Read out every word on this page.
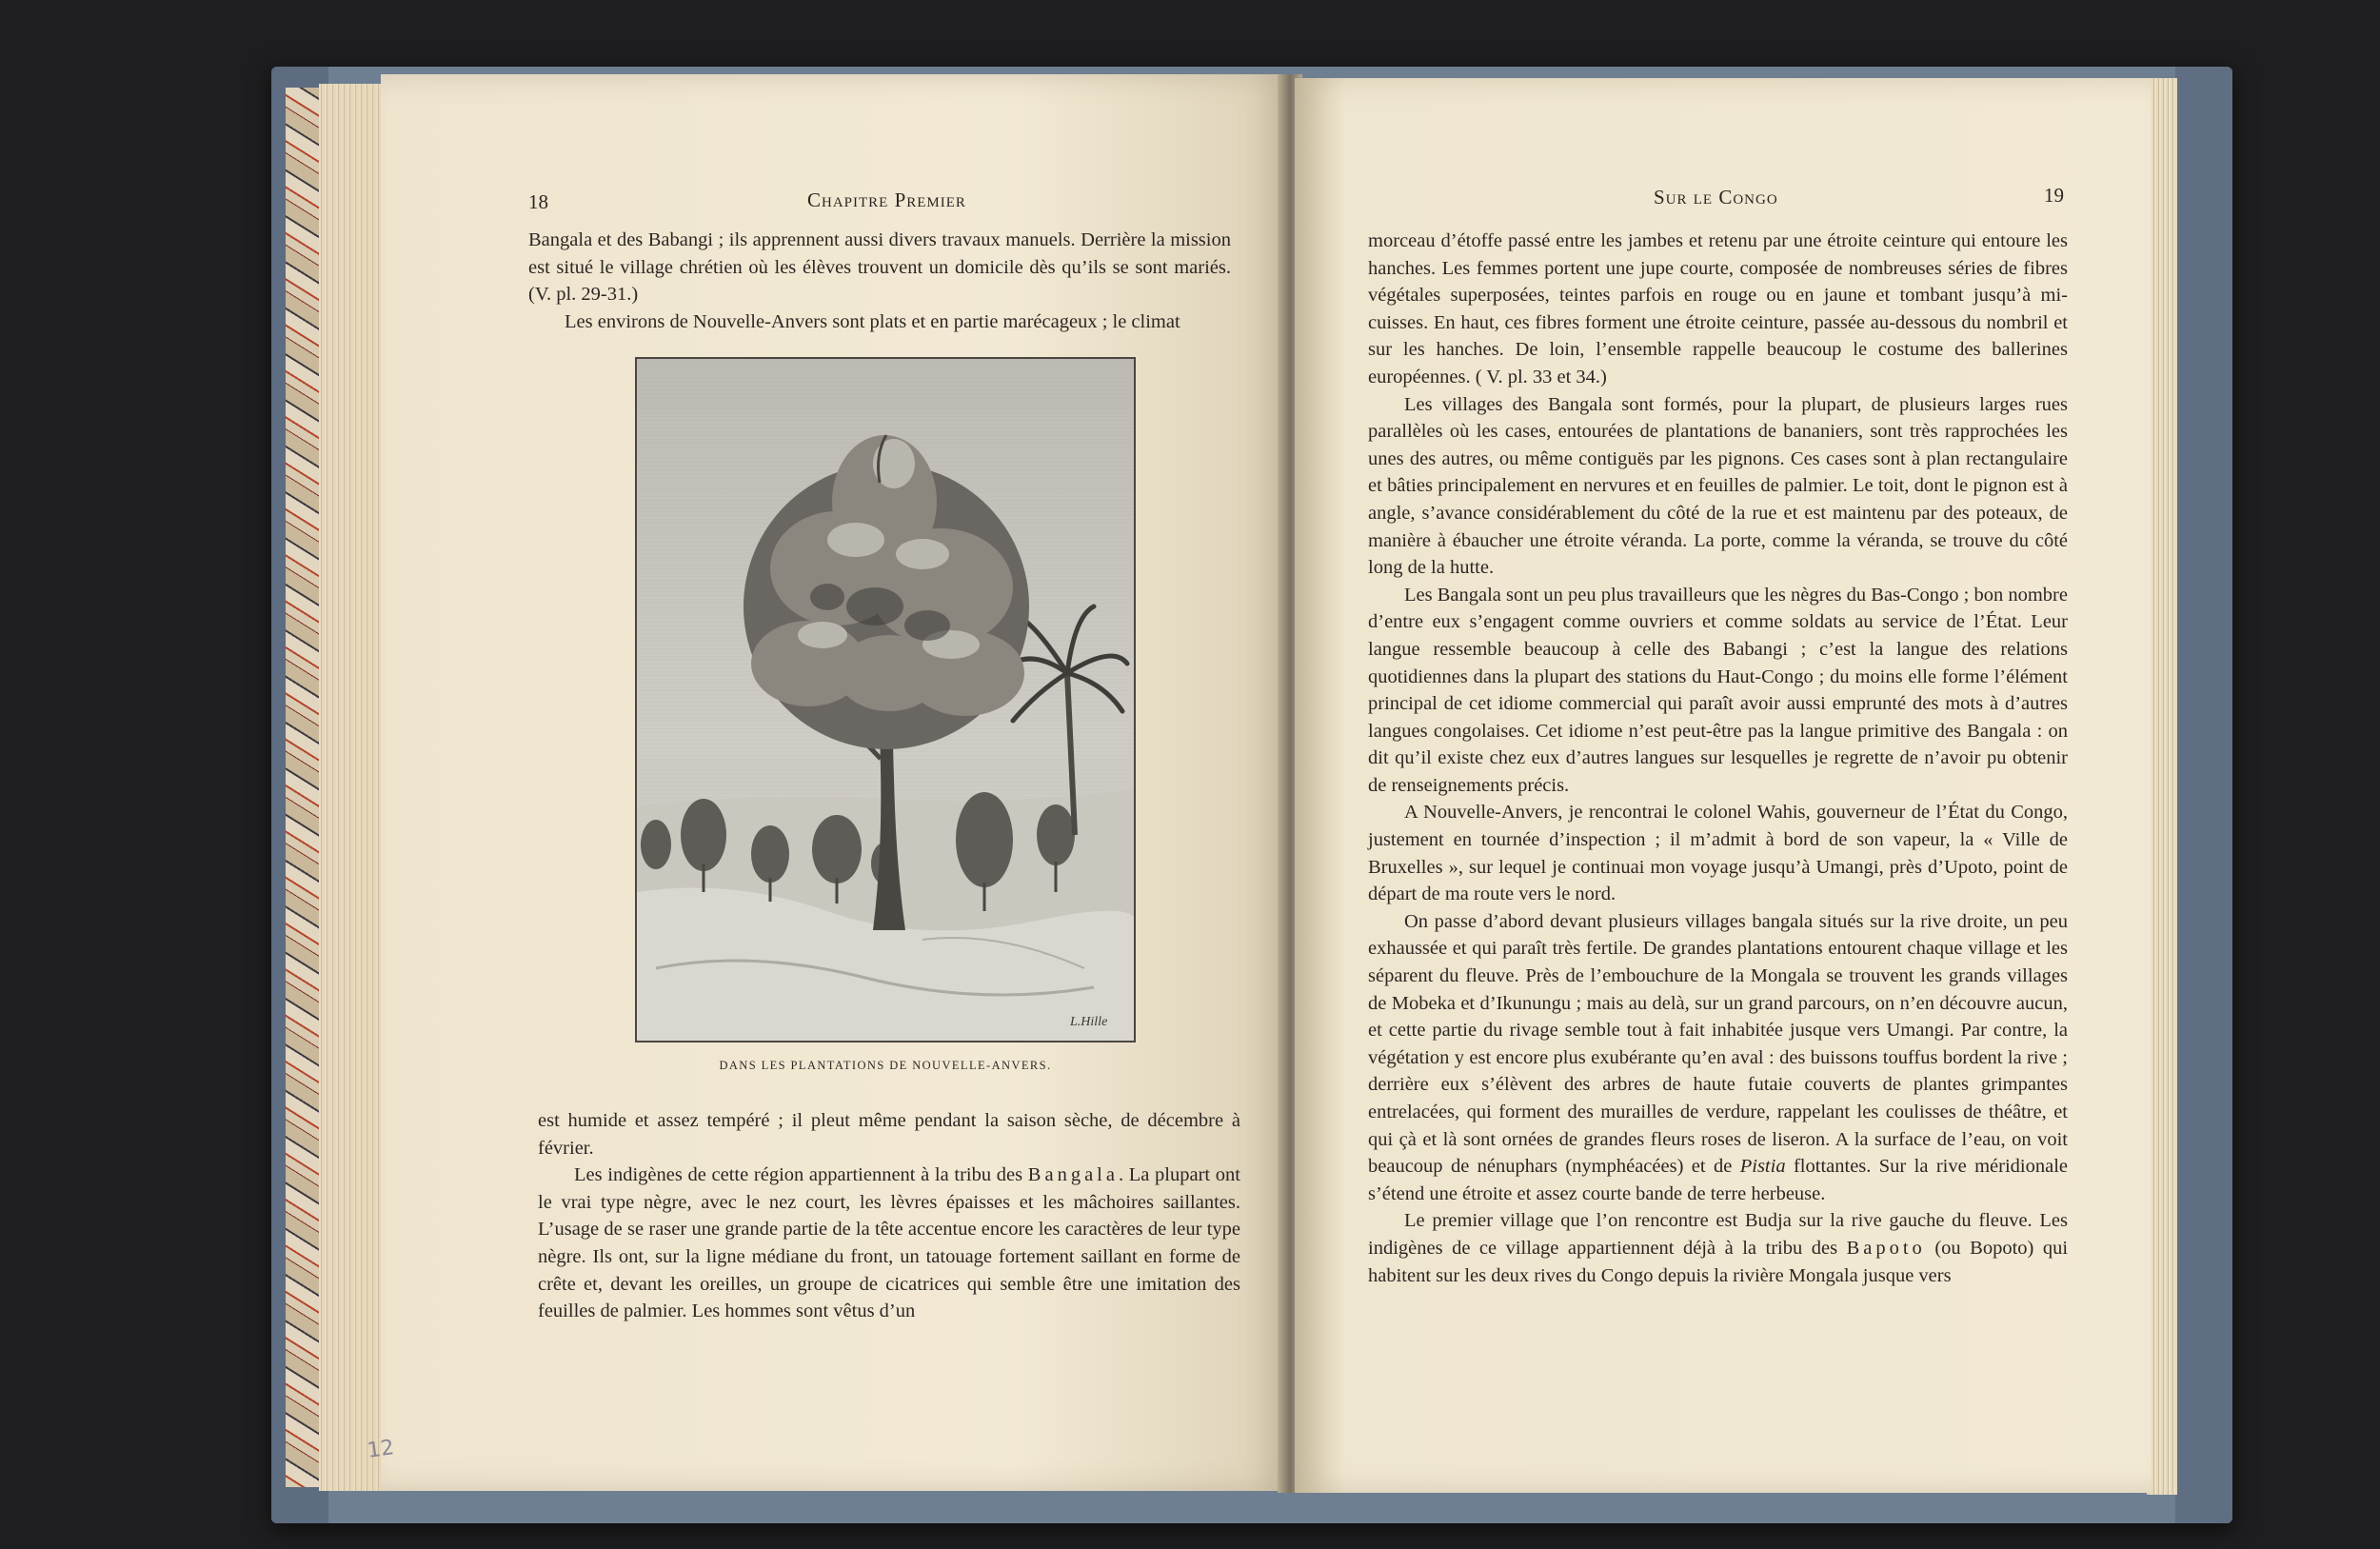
18	Chapitre Premier

Bangala et des Babangi ; ils apprennent aussi divers travaux manuels. Derrière la mission est situé le village chrétien où les élèves trouvent un domicile dès qu’ils se sont mariés. (V. pl. 29-31.)

Les environs de Nouvelle-Anvers sont plats et en partie marécageux ; le climat

L.Hille
DANS LES PLANTATIONS DE NOUVELLE-ANVERS.

est humide et assez tempéré ; il pleut même pendant la saison sèche, de décembre à février.

Les indigènes de cette région appartiennent à la tribu des Bangala. La plupart ont le vrai type nègre, avec le nez court, les lèvres épaisses et les mâchoires saillantes. L’usage de se raser une grande partie de la tête accentue encore les caractères de leur type nègre. Ils ont, sur la ligne médiane du front, un tatouage fortement saillant en forme de crête et, devant les oreilles, un groupe de cicatrices qui semble être une imitation des feuilles de palmier. Les hommes sont vêtus d’un

12
Sur le Congo	19

morceau d’étoffe passé entre les jambes et retenu par une étroite ceinture qui entoure les hanches. Les femmes portent une jupe courte, composée de nombreuses séries de fibres végétales superposées, teintes parfois en rouge ou en jaune et tombant jusqu’à mi-cuisses. En haut, ces fibres forment une étroite ceinture, passée au-dessous du nombril et sur les hanches. De loin, l’ensemble rappelle beaucoup le costume des ballerines européennes. ( V. pl. 33 et 34.)

Les villages des Bangala sont formés, pour la plupart, de plusieurs larges rues parallèles où les cases, entourées de plantations de bananiers, sont très rapprochées les unes des autres, ou même contiguës par les pignons. Ces cases sont à plan rectangulaire et bâties principalement en nervures et en feuilles de palmier. Le toit, dont le pignon est à angle, s’avance considérablement du côté de la rue et est maintenu par des poteaux, de manière à ébaucher une étroite véranda. La porte, comme la véranda, se trouve du côté long de la hutte.

Les Bangala sont un peu plus travailleurs que les nègres du Bas-Congo ; bon nombre d’entre eux s’engagent comme ouvriers et comme soldats au service de l’État. Leur langue ressemble beaucoup à celle des Babangi ; c’est la langue des relations quotidiennes dans la plupart des stations du Haut-Congo ; du moins elle forme l’élément principal de cet idiome commercial qui paraît avoir aussi emprunté des mots à d’autres langues congolaises. Cet idiome n’est peut-être pas la langue primitive des Bangala : on dit qu’il existe chez eux d’autres langues sur lesquelles je regrette de n’avoir pu obtenir de renseignements précis.

A Nouvelle-Anvers, je rencontrai le colonel Wahis, gouverneur de l’État du Congo, justement en tournée d’inspection ; il m’admit à bord de son vapeur, la « Ville de Bruxelles », sur lequel je continuai mon voyage jusqu’à Umangi, près d’Upoto, point de départ de ma route vers le nord.

On passe d’abord devant plusieurs villages bangala situés sur la rive droite, un peu exhaussée et qui paraît très fertile. De grandes plantations entourent chaque village et les séparent du fleuve. Près de l’embouchure de la Mongala se trouvent les grands villages de Mobeka et d’Ikunungu ; mais au delà, sur un grand parcours, on n’en découvre aucun, et cette partie du rivage semble tout à fait inhabitée jusque vers Umangi. Par contre, la végétation y est encore plus exubérante qu’en aval : des buissons touffus bordent la rive ; derrière eux s’élèvent des arbres de haute futaie couverts de plantes grimpantes entrelacées, qui forment des murailles de verdure, rappelant les coulisses de théâtre, et qui çà et là sont ornées de grandes fleurs roses de liseron. A la surface de l’eau, on voit beaucoup de nénuphars (nymphéacées) et de Pistia flottantes. Sur la rive méridionale s’étend une étroite et assez courte bande de terre herbeuse.

Le premier village que l’on rencontre est Budja sur la rive gauche du fleuve. Les indigènes de ce village appartiennent déjà à la tribu des Bapoto (ou Bopoto) qui habitent sur les deux rives du Congo depuis la rivière Mongala jusque vers
